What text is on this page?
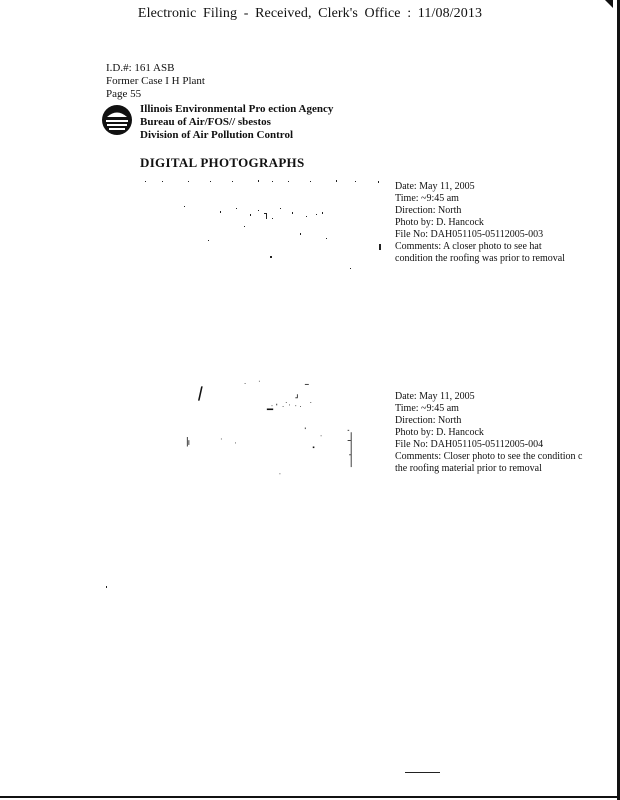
Electronic Filing - Received, Clerk's Office : 11/08/2013
I.D.#: 161 ASB
Former Case I H Plant
Page 55
Illinois Environmental Pro ection Agency
Bureau of Air/FOS// sbestos
Division of Air Pollution Control
DIGITAL PHOTOGRAPHS
Date: May 11, 2005
Time: ~9:45 am
Direction: North
Photo by: D. Hancock
File No: DAH051105-05112005-003
Comments: A closer photo to see hat
condition the roofing was prior to removal
Date: May 11, 2005
Time: ~9:45 am
Direction: North
Photo by: D. Hancock
File No: DAH051105-05112005-004
Comments: Closer photo to see the condition c
the roofing material prior to removal
